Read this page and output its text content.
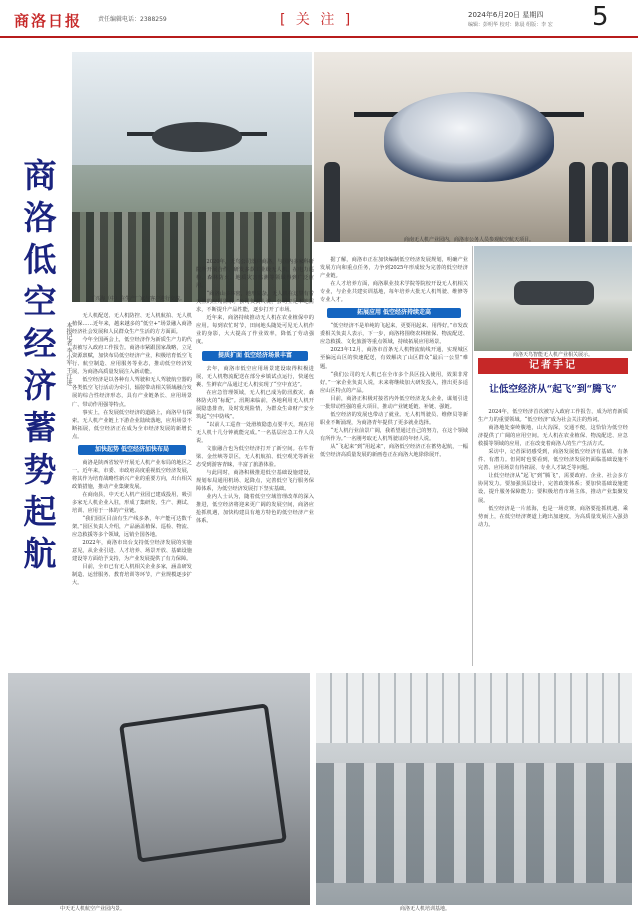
商洛日报	责任编辑电话：2388259	[ 关 注 ]	2024年6月20日 星期四
编辑：彭明华 校对：陈晨 组版：李 宏 5
商
洛
低
空
经
济
蓄
势
起
航
本报记者 李小军 王江进
丁兴海（中）在生产厂家与客户进行交流。
商南无人机产业园内，商洛市公务人员参观航空航天项目。
商洛天鸟智能无人机产业相关展示。

无人机配送、无人机防控、无人机航拍、无人机植保……近年来，越来越多的“低空+”场景融入商洛经济社会发展和人民群众生产生活的方方面面。

今年全国两会上，低空经济作为新质生产力的代表被写入政府工作报告。商洛市紧跟国家战略，立足资源禀赋，加快布局低空经济产业，积极培育低空飞行、航空制造、应用服务等业态，推动低空经济发展，为商洛高质量发展注入新动能。

低空经济是以各种有人驾驶和无人驾驶航空器的各类低空飞行活动为牵引，辐射带动相关领域融合发展的综合性经济形态，具有产业链条长、应用场景广、带动作用强等特点。

事实上，在发展低空经济的道路上，商洛早有探索。无人机产业链上下游企业陆续落地，应用场景不断拓展，低空经济正在成为全市经济发展的新增长点。

加快起势 低空经济加快布局

商洛是陕西省较早开展无人机产业布局的地区之一。近年来，市委、市政府高度重视低空经济发展，将其作为培育战略性新兴产业的重要方向，出台相关政策措施，推动产业集聚发展。

在商南县，中天无人机产业园已建成投用，吸引多家无人机企业入驻，形成了集研发、生产、测试、培训、应用于一体的产业链。

“我们园区目前有生产线多条，年产能可达数千架。”园区负责人介绍，产品涵盖植保、巡检、物流、应急救援等多个领域，远销全国各地。

2022年，商洛市出台支持低空经济发展的实施意见，从企业引进、人才培养、场景开放、基础设施建设等方面给予支持，为产业发展提供了有力保障。

目前，全市已有无人机相关企业多家，涵盖研发制造、运营服务、教育培训等环节，产业规模逐步扩大。

2020年，天鸟公司落户商洛，与国内多家科研院所开展合作，研发多款工业级无人机，在电力巡检、森林防火、地质灾害监测等领域得到广泛应用。

“商洛山多林密，地形复杂，无人机在这里有着天然的应用需求。”公司负责人说，公司立足本地需求，不断提升产品性能，逐步打开了市场。

近年来，商洛持续推动无人机在农业植保中的应用。每到农忙时节，田间地头随处可见无人机作业的身影，大大提高了作业效率，降低了劳动强度。

提质扩面 低空经济场景丰富

去年，商洛市低空应用场景建设取得积极进展，无人机物流配送在部分乡镇试点运行，快递包裹、生鲜农产品通过无人机实现了“空中直达”。

在应急管理领域，无人机已成为防汛救灾、森林防火的“标配”。汛期来临前，各地利用无人机开展隐患排查，及时发现险情，为群众生命财产安全筑起“空中防线”。

“以前人工巡查一处滑坡隐患点要半天，现在用无人机十几分钟就能完成。”一名基层应急工作人员说。

文旅融合也为低空经济打开了新空间。在牛背梁、金丝峡等景区，无人机航拍、低空观光等新业态受到游客青睐，丰富了旅游体验。

与此同时，商洛积极推进低空基础设施建设，规划布局通用机场、起降点，完善低空飞行服务保障体系，为低空经济发展打下坚实基础。

业内人士认为，随着低空空域管理改革的深入推进，低空经济将迎来更广阔的发展空间，商洛应抢抓机遇，加快构建具有地方特色的低空经济产业体系。

据了解，商洛市正在加快编制低空经济发展规划，明确产业发展方向和重点任务，力争到2025年形成较为完善的低空经济产业链。

在人才培养方面，商洛职业技术学院等院校开设无人机相关专业，与企业共建实训基地，每年培养大批无人机驾驶、维修等专业人才。

拓展应用 低空经济持续走高

“低空经济不是单纯的飞起来，更要用起来、用得好。”市发改委相关负责人表示，下一步，商洛将围绕农林植保、物流配送、应急救援、文化旅游等重点领域，持续拓展应用场景。

2023年12月，商洛市首条无人机物流航线开通，实现城区至偏远山区的快速配送，有效解决了山区群众“最后一公里”难题。

“我们公司的无人机已在全市多个县区投入使用，效果非常好。”一家企业负责人说，未来将继续加大研发投入，推出更多适应山区特点的产品。

目前，商洛正积极对接省内外低空经济龙头企业，谋划引进一批带动性强的重大项目，推动产业链延链、补链、强链。

低空经济的发展也带动了就业。无人机驾驶员、维修员等新职业不断涌现，为商洛青年提供了更多就业选择。

“无人机行业前景广阔，我希望通过自己的努力，在这个领域有所作为。”一名刚考取无人机驾驶证的年轻人说。

从“飞起来”到“用起来”，商洛低空经济正在蓄势起航，一幅低空经济高质量发展的新画卷正在商洛大地徐徐展开。

记者手记
让低空经济从“起飞”到“腾飞”

2024年，低空经济首次被写入政府工作报告，成为培育新质生产力的重要领域。“低空经济”成为社会关注的热词。

商洛地处秦岭腹地，山大沟深，交通不便，这恰恰为低空经济提供了广阔的应用空间。无人机在农业植保、物流配送、应急救援等领域的应用，正在改变着商洛人的生产生活方式。

采访中，记者深切感受到，商洛发展低空经济有基础、有条件、有潜力。但同时也要看到，低空经济发展仍面临基础设施不完善、应用场景有待拓展、专业人才缺乏等问题。

让低空经济从“起飞”到“腾飞”，需要政府、企业、社会多方协同发力。要加强顶层设计，完善政策体系；要加快基础设施建设，提升服务保障能力；要积极培育市场主体，推动产业集聚发展。

低空经济是一片蓝海，也是一场竞赛。商洛要抢抓机遇、乘势而上，在低空经济赛道上跑出加速度，为高质量发展注入强劲动力。

中天无人机航空产业园内景。	商洛无人机培训基地。
